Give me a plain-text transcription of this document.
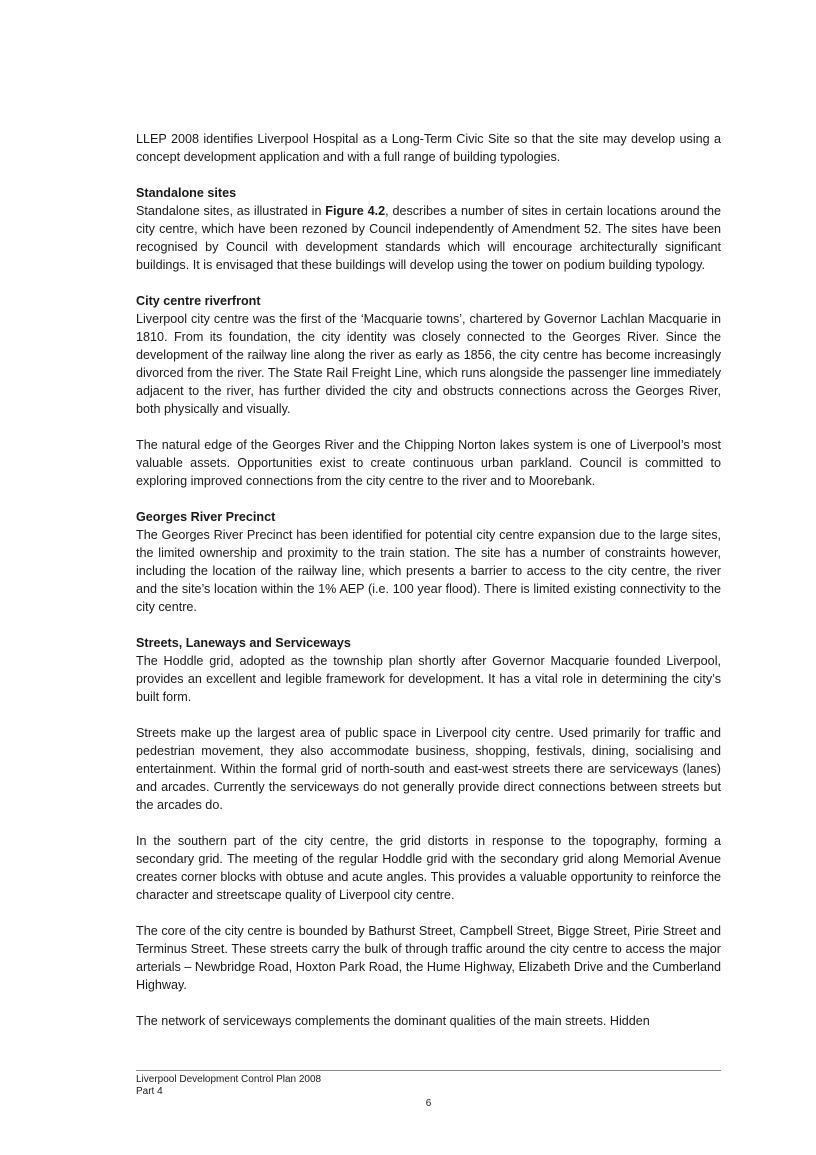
LLEP 2008 identifies Liverpool Hospital as a Long-Term Civic Site so that the site may develop using a concept development application and with a full range of building typologies.

Standalone sites

Standalone sites, as illustrated in Figure 4.2, describes a number of sites in certain locations around the city centre, which have been rezoned by Council independently of Amendment 52. The sites have been recognised by Council with development standards which will encourage architecturally significant buildings. It is envisaged that these buildings will develop using the tower on podium building typology.

City centre riverfront

Liverpool city centre was the first of the ‘Macquarie towns’, chartered by Governor Lachlan Macquarie in 1810. From its foundation, the city identity was closely connected to the Georges River. Since the development of the railway line along the river as early as 1856, the city centre has become increasingly divorced from the river. The State Rail Freight Line, which runs alongside the passenger line immediately adjacent to the river, has further divided the city and obstructs connections across the Georges River, both physically and visually.

The natural edge of the Georges River and the Chipping Norton lakes system is one of Liverpool’s most valuable assets. Opportunities exist to create continuous urban parkland. Council is committed to exploring improved connections from the city centre to the river and to Moorebank.

Georges River Precinct

The Georges River Precinct has been identified for potential city centre expansion due to the large sites, the limited ownership and proximity to the train station. The site has a number of constraints however, including the location of the railway line, which presents a barrier to access to the city centre, the river and the site’s location within the 1% AEP (i.e. 100 year flood). There is limited existing connectivity to the city centre.

Streets, Laneways and Serviceways

The Hoddle grid, adopted as the township plan shortly after Governor Macquarie founded Liverpool, provides an excellent and legible framework for development. It has a vital role in determining the city’s built form.

Streets make up the largest area of public space in Liverpool city centre. Used primarily for traffic and pedestrian movement, they also accommodate business, shopping, festivals, dining, socialising and entertainment. Within the formal grid of north-south and east-west streets there are serviceways (lanes) and arcades. Currently the serviceways do not generally provide direct connections between streets but the arcades do.

In the southern part of the city centre, the grid distorts in response to the topography, forming a secondary grid. The meeting of the regular Hoddle grid with the secondary grid along Memorial Avenue creates corner blocks with obtuse and acute angles. This provides a valuable opportunity to reinforce the character and streetscape quality of Liverpool city centre.

The core of the city centre is bounded by Bathurst Street, Campbell Street, Bigge Street, Pirie Street and Terminus Street. These streets carry the bulk of through traffic around the city centre to access the major arterials – Newbridge Road, Hoxton Park Road, the Hume Highway, Elizabeth Drive and the Cumberland Highway.

The network of serviceways complements the dominant qualities of the main streets. Hidden

Liverpool Development Control Plan 2008
Part 4
6
